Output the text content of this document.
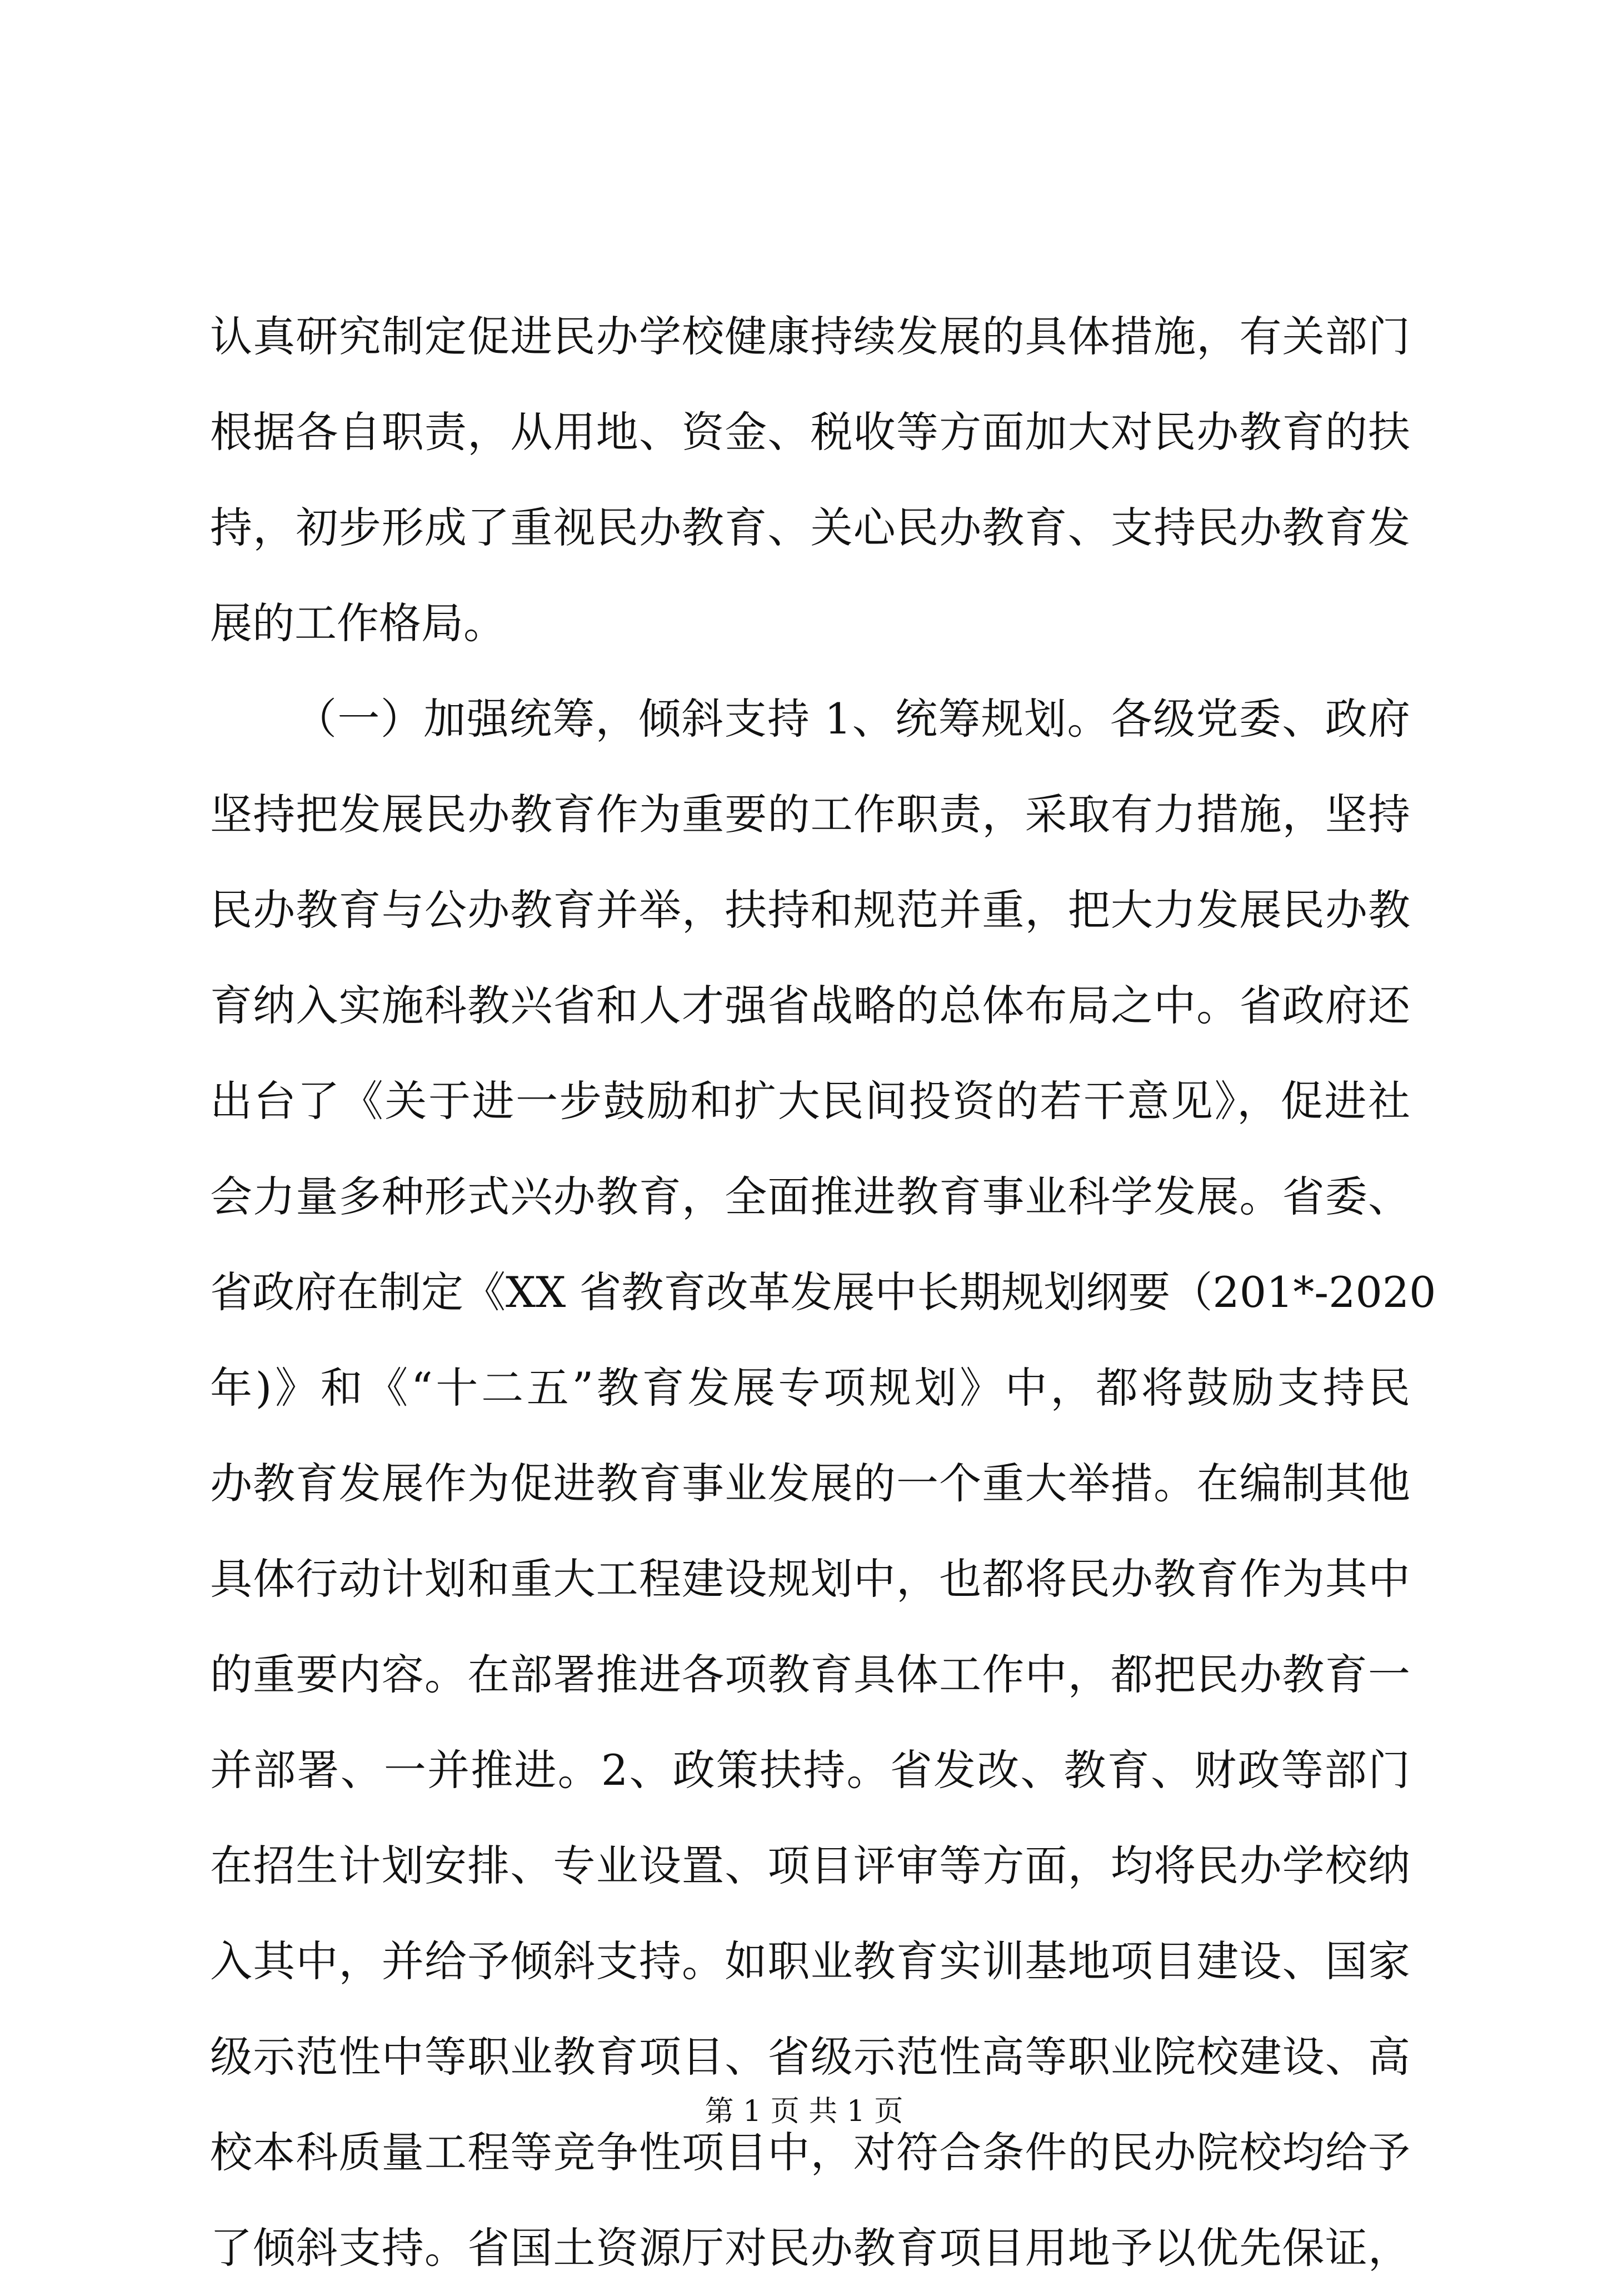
认真研究制定促进民办学校健康持续发展的具体措施，有关部门
根据各自职责，从用地、资金、税收等方面加大对民办教育的扶
持，初步形成了重视民办教育、关心民办教育、支持民办教育发
展的工作格局。
（一）加强统筹，倾斜支持 1、统筹规划。各级党委、政府
坚持把发展民办教育作为重要的工作职责，采取有力措施，坚持
民办教育与公办教育并举，扶持和规范并重，把大力发展民办教
育纳入实施科教兴省和人才强省战略的总体布局之中。省政府还
出台了《关于进一步鼓励和扩大民间投资的若干意见》，促进社
会力量多种形式兴办教育，全面推进教育事业科学发展。省委、
省政府在制定《XX 省教育改革发展中长期规划纲要（201*-2020
年)》和《“十二五”教育发展专项规划》中，都将鼓励支持民
办教育发展作为促进教育事业发展的一个重大举措。在编制其他
具体行动计划和重大工程建设规划中，也都将民办教育作为其中
的重要内容。在部署推进各项教育具体工作中，都把民办教育一
并部署、一并推进。2、政策扶持。省发改、教育、财政等部门
在招生计划安排、专业设置、项目评审等方面，均将民办学校纳
入其中，并给予倾斜支持。如职业教育实训基地项目建设、国家
级示范性中等职业教育项目、省级示范性高等职业院校建设、高
校本科质量工程等竞争性项目中，对符合条件的民办院校均给予
了倾斜支持。省国土资源厅对民办教育项目用地予以优先保证，
第 1 页 共 1 页
